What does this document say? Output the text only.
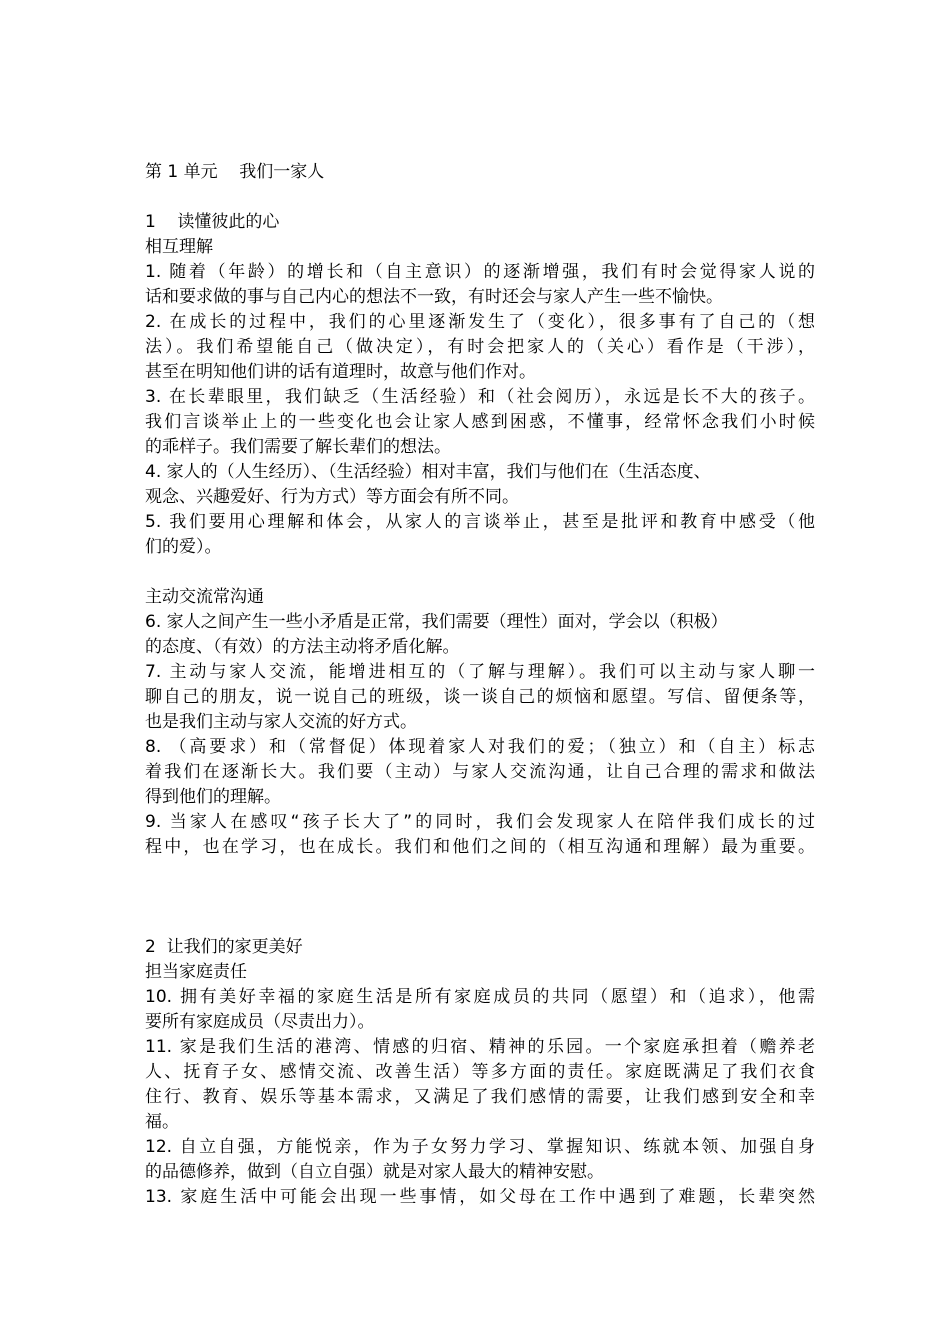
第 1 单元    我们一家人
1    读懂彼此的心
相互理解
1. 随着（年龄）的增长和（自主意识）的逐渐增强，我们有时会觉得家人说的
话和要求做的事与自己内心的想法不一致，有时还会与家人产生一些不愉快。
2. 在成长的过程中，我们的心里逐渐发生了（变化），很多事有了自己的（想
法）。我们希望能自己（做决定），有时会把家人的（关心）看作是（干涉），
甚至在明知他们讲的话有道理时，故意与他们作对。
3. 在长辈眼里，我们缺乏（生活经验）和（社会阅历），永远是长不大的孩子。
我们言谈举止上的一些变化也会让家人感到困惑，不懂事，经常怀念我们小时候
的乖样子。我们需要了解长辈们的想法。
4. 家人的（人生经历）、（生活经验）相对丰富，我们与他们在（生活态度、
观念、兴趣爱好、行为方式）等方面会有所不同。
5. 我们要用心理解和体会，从家人的言谈举止，甚至是批评和教育中感受（他
们的爱）。
主动交流常沟通
6. 家人之间产生一些小矛盾是正常，我们需要（理性）面对，学会以（积极）
的态度、（有效）的方法主动将矛盾化解。
7. 主动与家人交流，能增进相互的（了解与理解）。我们可以主动与家人聊一
聊自己的朋友，说一说自己的班级，谈一谈自己的烦恼和愿望。写信、留便条等，
也是我们主动与家人交流的好方式。
8. （高要求）和（常督促）体现着家人对我们的爱；（独立）和（自主）标志
着我们在逐渐长大。我们要（主动）与家人交流沟通，让自己合理的需求和做法
得到他们的理解。
9. 当家人在感叹“孩子长大了”的同时，我们会发现家人在陪伴我们成长的过
程中，也在学习，也在成长。我们和他们之间的（相互沟通和理解）最为重要。
2  让我们的家更美好
担当家庭责任
10. 拥有美好幸福的家庭生活是所有家庭成员的共同（愿望）和（追求），他需
要所有家庭成员（尽责出力）。
11. 家是我们生活的港湾、情感的归宿、精神的乐园。一个家庭承担着（赡养老
人、抚育子女、感情交流、改善生活）等多方面的责任。家庭既满足了我们衣食
住行、教育、娱乐等基本需求，又满足了我们感情的需要，让我们感到安全和幸
福。
12. 自立自强，方能悦亲，作为子女努力学习、掌握知识、练就本领、加强自身
的品德修养，做到（自立自强）就是对家人最大的精神安慰。
13. 家庭生活中可能会出现一些事情，如父母在工作中遇到了难题，长辈突然
